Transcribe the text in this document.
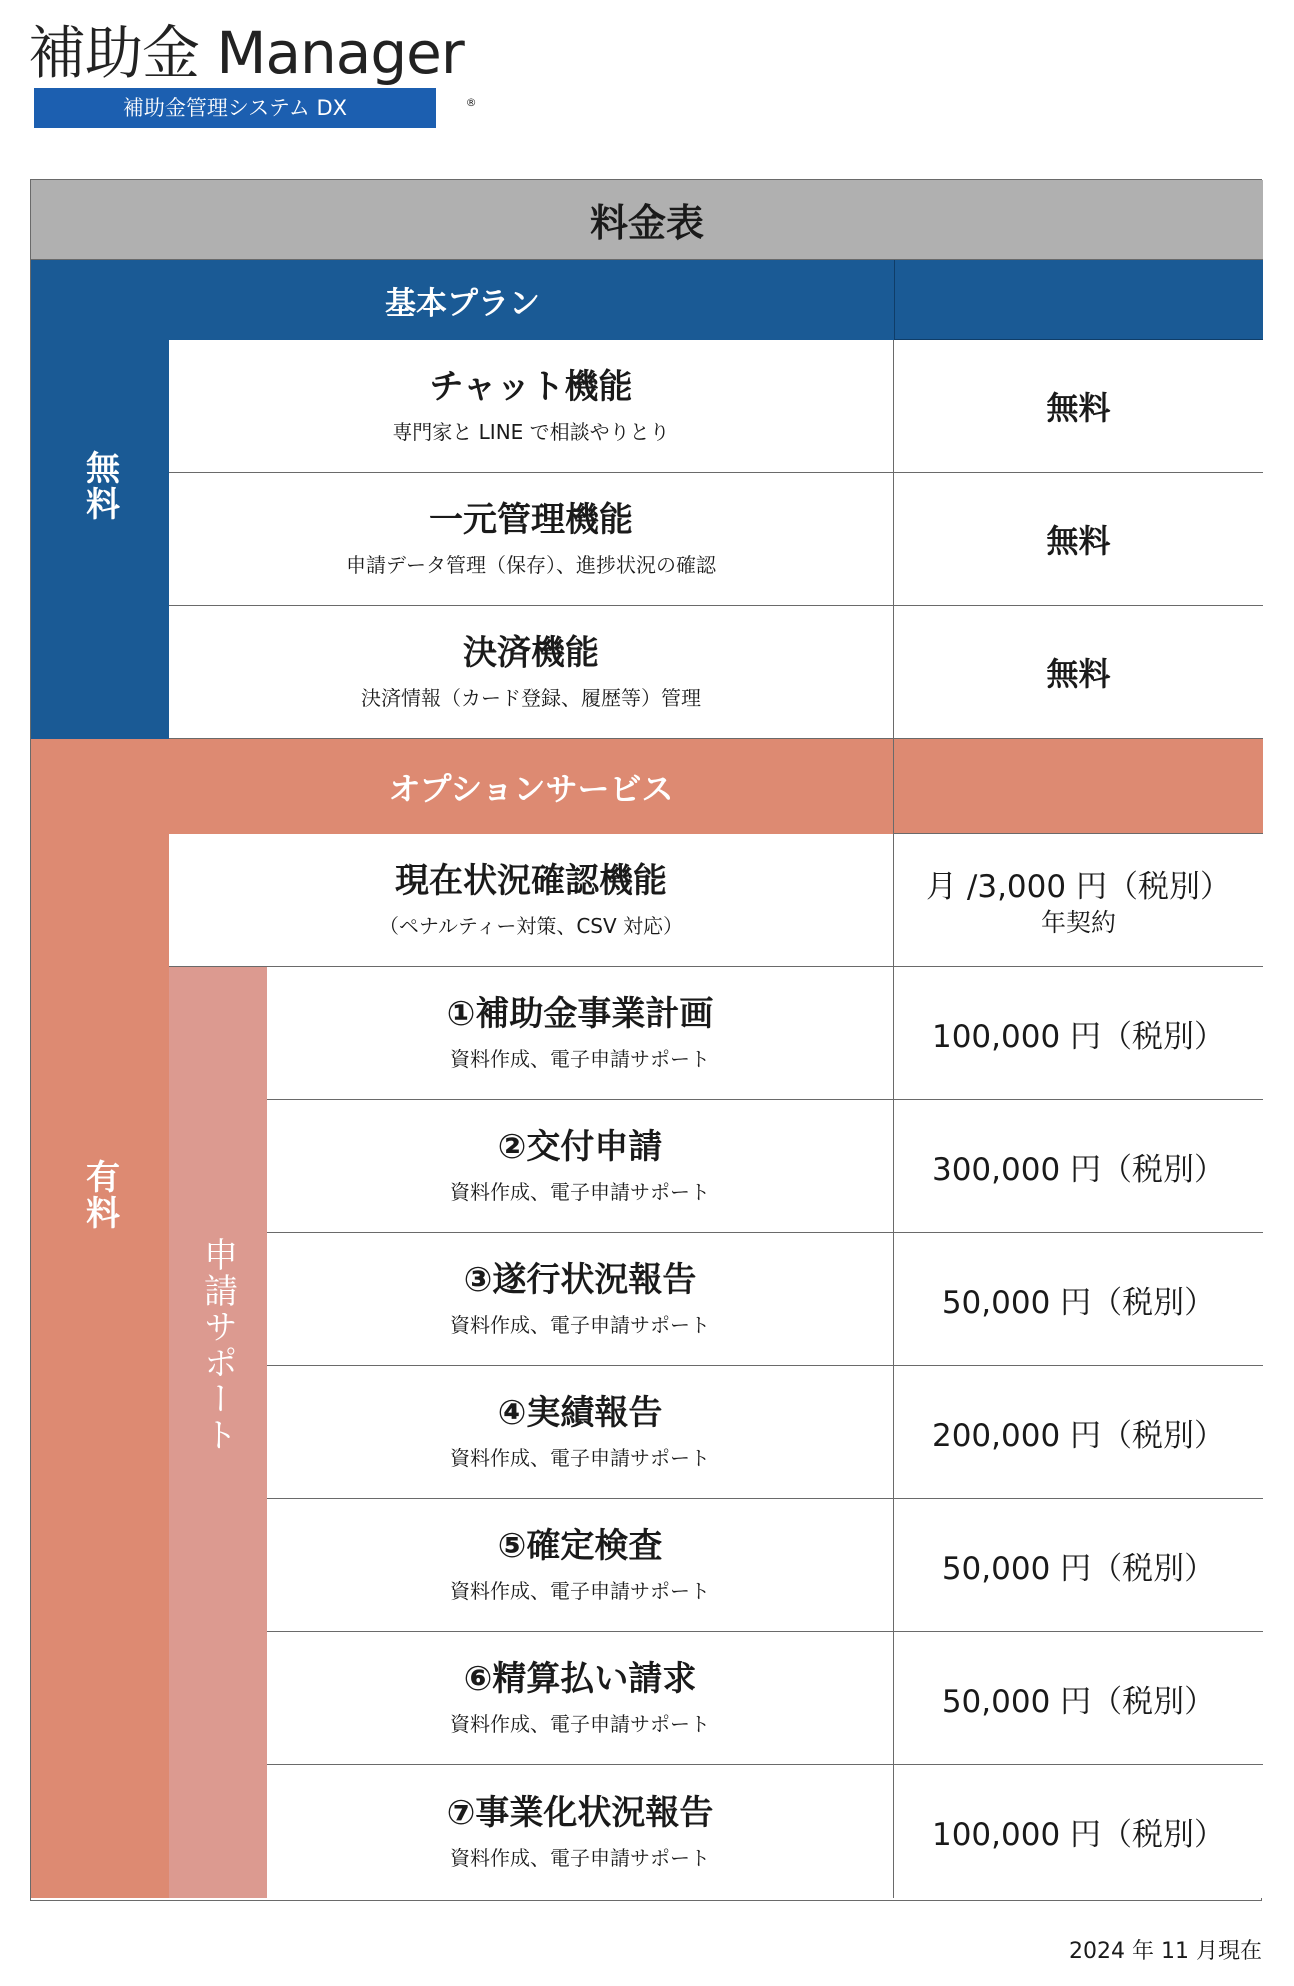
補助金 Manager®
補助金管理システム DX
料金表
基本プラン
無料
チャット機能
専門家と LINE で相談やりとり
無料
一元管理機能
申請データ管理（保存）、進捗状況の確認
無料
決済機能
決済情報（カード登録、履歴等）管理
無料
有料
オプションサービス
現在状況確認機能
（ペナルティー対策、CSV 対応）
月 /3,000 円（税別）
年契約
申請サポート
①補助金事業計画
資料作成、電子申請サポート
100,000 円（税別）
②交付申請
資料作成、電子申請サポート
300,000 円（税別）
③遂行状況報告
資料作成、電子申請サポート
50,000 円（税別）
④実績報告
資料作成、電子申請サポート
200,000 円（税別）
⑤確定検査
資料作成、電子申請サポート
50,000 円（税別）
⑥精算払い請求
資料作成、電子申請サポート
50,000 円（税別）
⑦事業化状況報告
資料作成、電子申請サポート
100,000 円（税別）
2024 年 11 月現在
